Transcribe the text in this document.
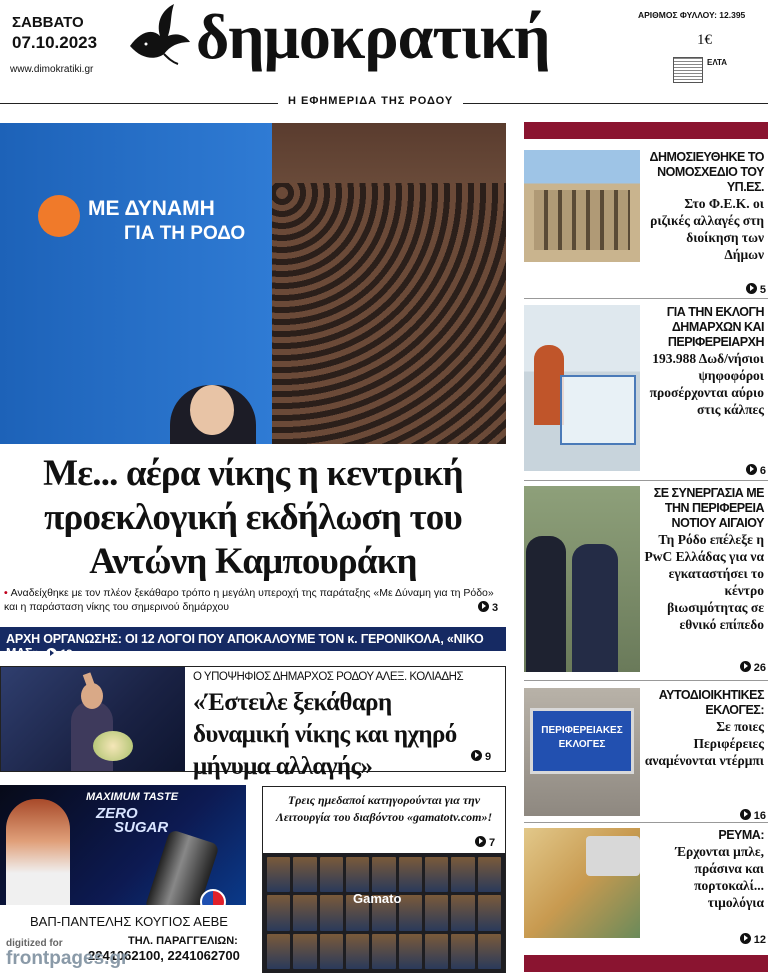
ΣΑΒΒΑΤΟ
07.10.2023
www.dimokratiki.gr δημοκρατική	ΑΡΙΘΜΟΣ ΦΥΛΛΟΥ: 12.395
1€
ΕΛΤΑ
Η ΕΦΗΜΕΡΙΔΑ ΤΗΣ ΡΟΔΟΥ
ΜΕ ΔΥΝΑΜΗ
ΓΙΑ ΤΗ ΡΟΔΟ
Με... αέρα νίκης η κεντρική προεκλογική εκδήλωση του Αντώνη Καμπουράκη
• Αναδείχθηκε με τον πλέον ξεκάθαρο τρόπο η μεγάλη υπεροχή της παράταξης «Με Δύναμη για τη Ρόδο» και η παράσταση νίκης του σημερινού δημάρχου	3
ΑΡΧΗ ΟΡΓΑΝΩΣΗΣ: ΟΙ 12 ΛΟΓΟΙ ΠΟΥ ΑΠΟΚΑΛΟΥΜΕ ΤΟΝ κ. ΓΕΡΟΝΙΚΟΛΑ, «ΝΙΚΟ ΜΑΣ» 13
Ο ΥΠΟΨΗΦΙΟΣ ΔΗΜΑΡΧΟΣ ΡΟΔΟΥ ΑΛΕΞ. ΚΟΛΙΑΔΗΣ
«Έστειλε ξεκάθαρη δυναμική νίκης και ηχηρό μήνυμα αλλαγής»	9
MAXIMUM TASTE
ZERO
SUGAR
ΒΑΠ-ΠΑΝΤΕΛΗΣ ΚΟΥΓΙΟΣ ΑΕΒΕ
ΤΗΛ. ΠΑΡΑΓΓΕΛΙΩΝ:
2241062100, 2241062700
digitized for
frontpages.gr
Τρεις ημεδαποί κατηγορούνται για την Λειτουργία του διαβόντου «gamatotv.com»!
7
Gamato
ΔΗΜΟΣΙΕΥΘΗΚΕ ΤΟ ΝΟΜΟΣΧΕΔΙΟ ΤΟΥ ΥΠ.ΕΣ.
Στο Φ.Ε.Κ. οι ριζικές αλλαγές στη διοίκηση των Δήμων
5
ΓΙΑ ΤΗΝ ΕΚΛΟΓΗ ΔΗΜΑΡΧΩΝ ΚΑΙ ΠΕΡΙΦΕΡΕΙΑΡΧΗ
193.988 Δωδ/νήσιοι ψηφοφόροι προσέρχονται αύριο στις κάλπες
6
ΣΕ ΣΥΝΕΡΓΑΣΙΑ ΜΕ ΤΗΝ ΠΕΡΙΦΕΡΕΙΑ ΝΟΤΙΟΥ ΑΙΓΑΙΟΥ
Τη Ρόδο επέλεξε η PwC Ελλάδας για να εγκαταστήσει το κέντρο βιωσιμότητας σε εθνικό επίπεδο
26
ΠΕΡΙΦΕΡΕΙΑΚΕΣ
ΕΚΛΟΓΕΣ
ΑΥΤΟΔΙΟΙΚΗΤΙΚΕΣ ΕΚΛΟΓΕΣ:
Σε ποιες Περιφέρειες αναμένονται ντέρμπι
16
ΡΕΥΜΑ:
Έρχονται μπλε, πράσινα και πορτοκαλί... τιμολόγια
12
